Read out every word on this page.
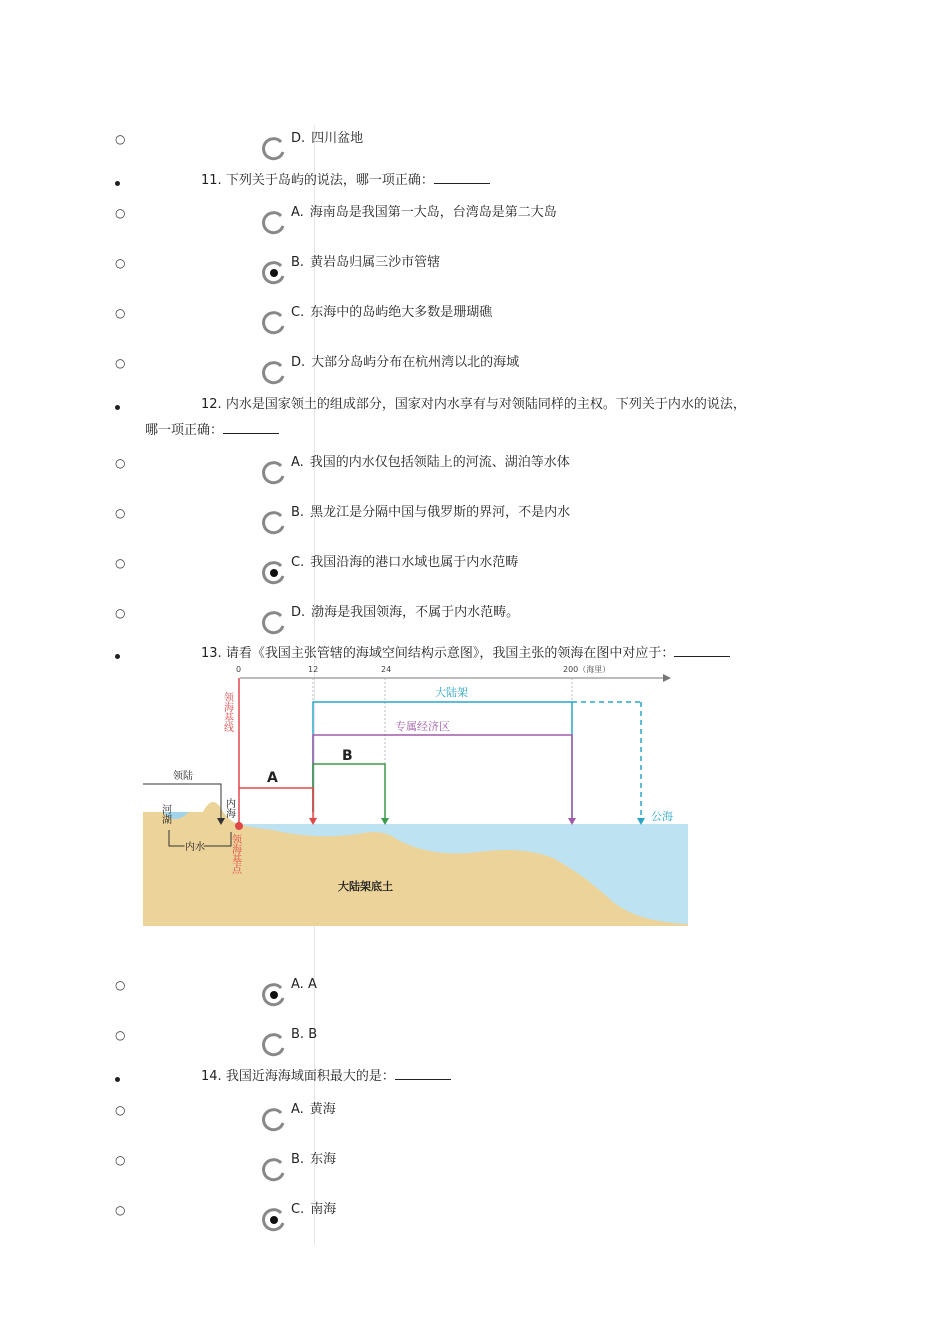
○	D. 四川盆地
11. 下列关于岛屿的说法，哪一项正确：
○	A. 海南岛是我国第一大岛，台湾岛是第二大岛
○	B. 黄岩岛归属三沙市管辖
○	C. 东海中的岛屿绝大多数是珊瑚礁
○	D. 大部分岛屿分布在杭州湾以北的海域
12. 内水是国家领土的组成部分，国家对内水享有与对领陆同样的主权。下列关于内水的说法，
哪一项正确：
○	A. 我国的内水仅包括领陆上的河流、湖泊等水体
○	B. 黑龙江是分隔中国与俄罗斯的界河，不是内水
○	C. 我国沿海的港口水域也属于内水范畴
○	D. 渤海是我国领海，不属于内水范畴。
13. 请看《我国主张管辖的海域空间结构示意图》，我国主张的领海在图中对应于：
0	12	24	200（海里）
领海基线	大陆架
专属经济区
B
A
领陆
河湖	内海
内水 领海基点
公海
大陆架底土
○	A. A
○	B. B
14. 我国近海海域面积最大的是：
○	A. 黄海
○	B. 东海
○	C. 南海
